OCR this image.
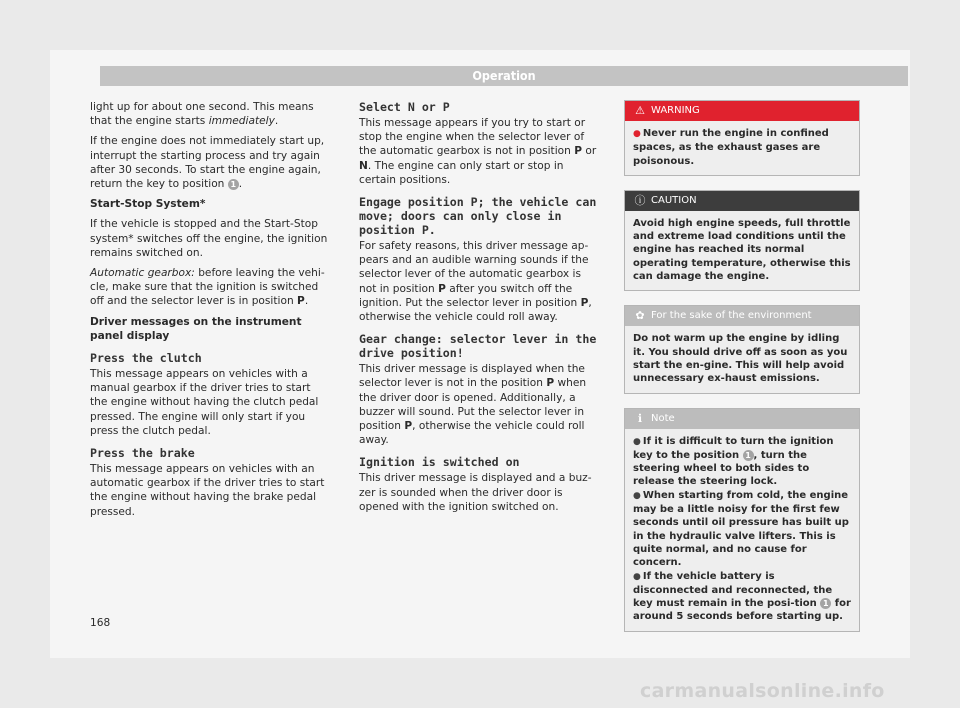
Operation

light up for about one second. This means that the engine starts immediately.

If the engine does not immediately start up, interrupt the starting process and try again after 30 seconds. To start the engine again, return the key to position 1 .

Start-Stop System*

If the vehicle is stopped and the Start-Stop system* switches off the engine, the ignition remains switched on.

Automatic gearbox: before leaving the vehi-cle, make sure that the ignition is switched off and the selector lever is in position P.

Driver messages on the instrument panel display

Press the clutch

This message appears on vehicles with a manual gearbox if the driver tries to start the engine without having the clutch pedal pressed. The engine will only start if you press the clutch pedal.

Press the brake

This message appears on vehicles with an automatic gearbox if the driver tries to start the engine without having the brake pedal pressed.

Select N or P

This message appears if you try to start or stop the engine when the selector lever of the automatic gearbox is not in position P or N. The engine can only start or stop in certain positions.

Engage position P; the vehicle can move; doors can only close in position P.

For safety reasons, this driver message ap-pears and an audible warning sounds if the selector lever of the automatic gearbox is not in position P after you switch off the ignition. Put the selector lever in position P, otherwise the vehicle could roll away.

Gear change: selector lever in the drive position!

This driver message is displayed when the selector lever is not in the position P when the driver door is opened. Additionally, a buzzer will sound. Put the selector lever in position P, otherwise the vehicle could roll away.

Ignition is switched on

This driver message is displayed and a buz-zer is sounded when the driver door is opened with the ignition switched on.

⚠ WARNING
● Never run the engine in confined spaces, as the exhaust gases are poisonous.
ⓘ CAUTION
Avoid high engine speeds, full throttle and extreme load conditions until the engine has reached its normal operating temperature, otherwise this can damage the engine.
✿ For the sake of the environment
Do not warm up the engine by idling it. You should drive off as soon as you start the en-gine. This will help avoid unnecessary ex-haust emissions.
ℹ Note
● If it is difficult to turn the ignition key to the position 1 , turn the steering wheel to both sides to release the steering lock.
● When starting from cold, the engine may be a little noisy for the first few seconds until oil pressure has built up in the hydraulic valve lifters. This is quite normal, and no cause for concern.
● If the vehicle battery is disconnected and reconnected, the key must remain in the posi-tion 1 for around 5 seconds before starting up.
168
carmanualsonline.info
